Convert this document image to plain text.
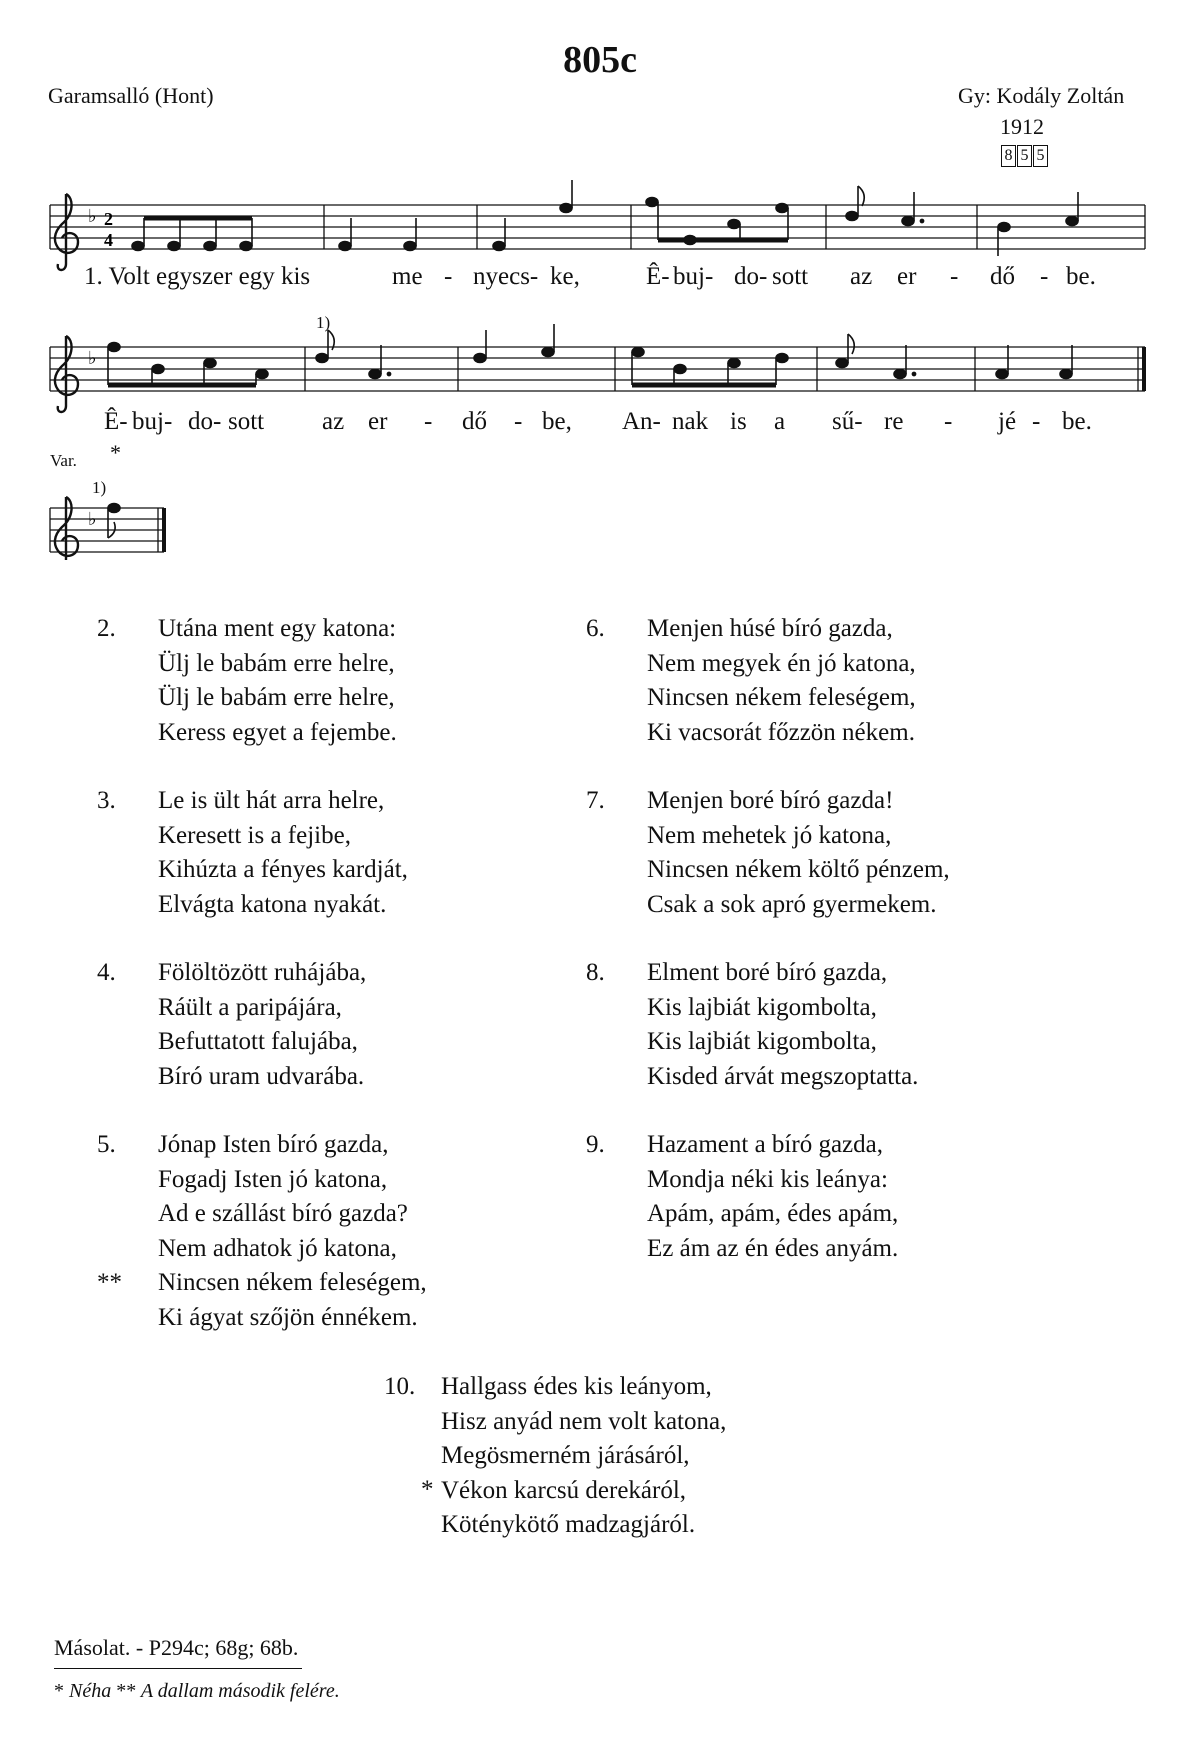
805c
Garamsalló (Hont)	Gy: Kodály Zoltán
1912
8 5 5
♭ 2
4
♭
♭
1. Volt egyszer egy kis	me - nyecs- ke,	Ê- buj- do- sott az er - dő - be.
1)
Ê- buj- do- sott az er - dő - be, An- nak is a sű- re - jé - be.
Var. *
1)
2. Utána ment egy katona:
Ülj le babám erre helre,
Ülj le babám erre helre,
Keress egyet a fejembe.
3. Le is ült hát arra helre,
Keresett is a fejibe,
Kihúzta a fényes kardját,
Elvágta katona nyakát.
4. Fölöltözött ruhájába,
Ráült a paripájára,
Befuttatott falujába,
Bíró uram udvarába.
5.
**
Jónap Isten bíró gazda,
Fogadj Isten jó katona,
Ad e szállást bíró gazda?
Nem adhatok jó katona,
Nincsen nékem feleségem,
Ki ágyat szőjön énnékem.
6. Menjen húsé bíró gazda,
Nem megyek én jó katona,
Nincsen nékem feleségem,
Ki vacsorát főzzön nékem.
7. Menjen boré bíró gazda!
Nem mehetek jó katona,
Nincsen nékem költő pénzem,
Csak a sok apró gyermekem.
8. Elment boré bíró gazda,
Kis lajbiát kigombolta,
Kis lajbiát kigombolta,
Kisded árvát megszoptatta.
9. Hazament a bíró gazda,
Mondja néki kis leánya:
Apám, apám, édes apám,
Ez ám az én édes anyám.
10.
*
Hallgass édes kis leányom,
Hisz anyád nem volt katona,
Megösmerném járásáról,
Vékon karcsú derekáról,
Köténykötő madzagjáról.
Másolat. - P294c; 68g; 68b.
* Néha ** A dallam második felére.
